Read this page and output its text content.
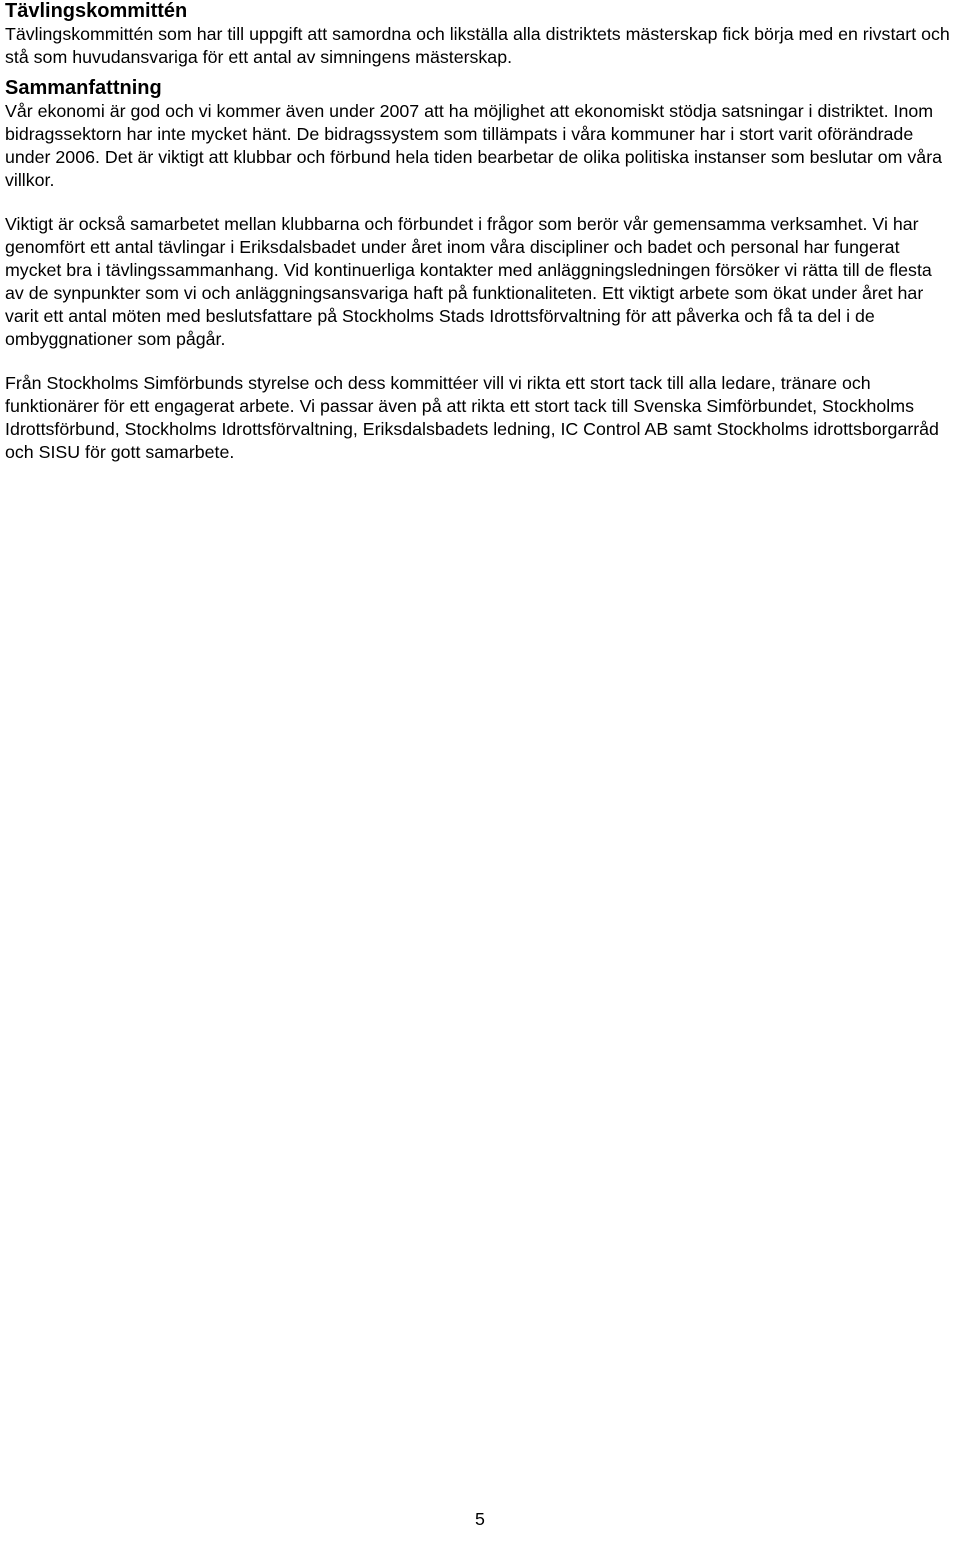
Tävlingskommittén

Tävlingskommittén som har till uppgift att samordna och likställa alla distriktets mästerskap fick börja med en rivstart och stå som huvudansvariga för ett antal av simningens mästerskap.

Sammanfattning

Vår ekonomi är god och vi kommer även under 2007 att ha möjlighet att ekonomiskt stödja satsningar i distriktet. Inom bidragssektorn har inte mycket hänt. De bidragssystem som tillämpats i våra kommuner har i stort varit oförändrade under 2006. Det är viktigt att klubbar och förbund hela tiden bearbetar de olika politiska instanser som beslutar om våra villkor.

Viktigt är också samarbetet mellan klubbarna och förbundet i frågor som berör vår gemensamma verksamhet. Vi har genomfört ett antal tävlingar i Eriksdalsbadet under året inom våra discipliner och badet och personal har fungerat mycket bra i tävlingssammanhang. Vid kontinuerliga kontakter med anläggningsledningen försöker vi rätta till de flesta av de synpunkter som vi och anläggningsansvariga haft på funktionaliteten. Ett viktigt arbete som ökat under året har varit ett antal möten med beslutsfattare på Stockholms Stads Idrottsförvaltning för att påverka och få ta del i de ombyggnationer som pågår.

Från Stockholms Simförbunds styrelse och dess kommittéer vill vi rikta ett stort tack till alla ledare, tränare och funktionärer för ett engagerat arbete. Vi passar även på att rikta ett stort tack till Svenska Simförbundet, Stockholms Idrottsförbund, Stockholms Idrottsförvaltning, Eriksdalsbadets ledning, IC Control AB samt Stockholms idrottsborgarråd och SISU för gott samarbete.

5
